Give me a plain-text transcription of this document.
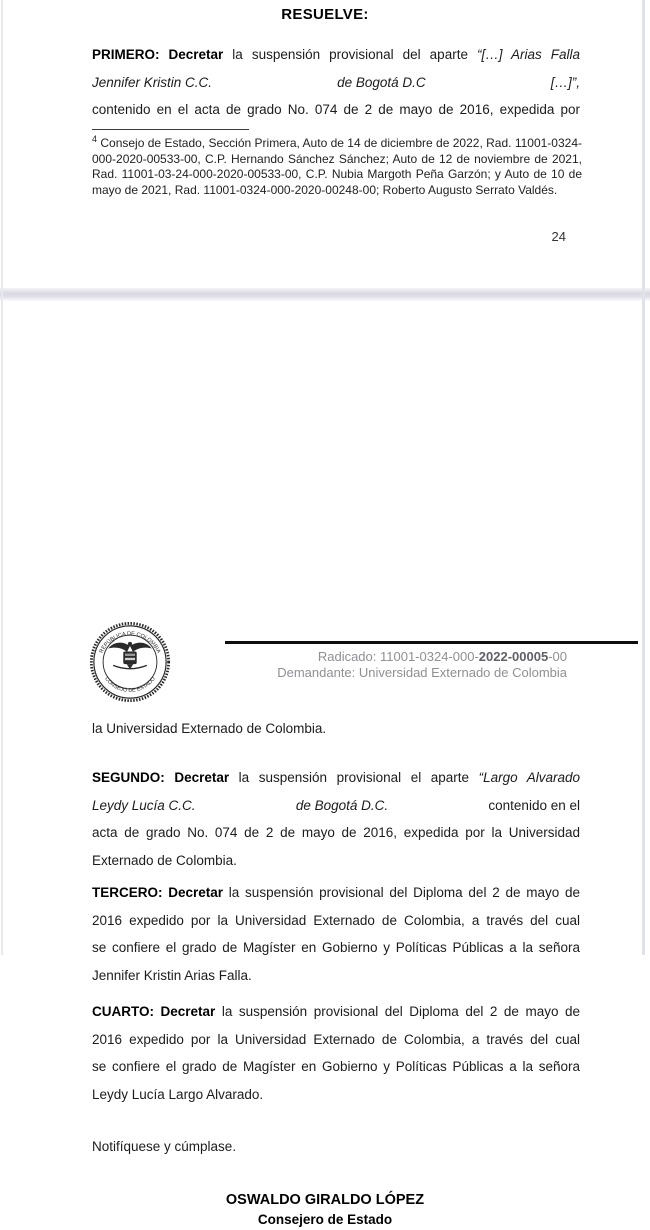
RESUELVE:
PRIMERO: Decretar la suspensión provisional del aparte “[…] Arias Falla
Jennifer Kristin C.C.	de Bogotá D.C	[…]”,
contenido en el acta de grado No. 074 de 2 de mayo de 2016, expedida por
$^4$ Consejo de Estado, Sección Primera, Auto de 14 de diciembre de 2022, Rad. 11001-0324-000-2020-00533-00, C.P. Hernando Sánchez Sánchez; Auto de 12 de noviembre de 2021, Rad. 11001-03-24-000-2020-00533-00, C.P. Nubia Margoth Peña Garzón; y Auto de 10 de mayo de 2021, Rad. 11001-0324-000-2020-00248-00; Roberto Augusto Serrato Valdés.
24
REPÚBLICA DE COLOMBIA
CONSEJO DE ESTADO
Radicado: 11001-0324-000-2022-00005-00
Demandante: Universidad Externado de Colombia
la Universidad Externado de Colombia.
SEGUNDO: Decretar la suspensión provisional el aparte “Largo Alvarado
Leydy Lucía C.C.	de Bogotá D.C.	contenido en el
acta de grado No. 074 de 2 de mayo de 2016, expedida por la Universidad
Externado de Colombia.
TERCERO: Decretar la suspensión provisional del Diploma del 2 de mayo de
2016 expedido por la Universidad Externado de Colombia, a través del cual
se confiere el grado de Magíster en Gobierno y Políticas Públicas a la señora
Jennifer Kristin Arias Falla.
CUARTO: Decretar la suspensión provisional del Diploma del 2 de mayo de
2016 expedido por la Universidad Externado de Colombia, a través del cual
se confiere el grado de Magíster en Gobierno y Políticas Públicas a la señora
Leydy Lucía Largo Alvarado.
Notifíquese y cúmplase.
OSWALDO GIRALDO LÓPEZ
Consejero de Estado
